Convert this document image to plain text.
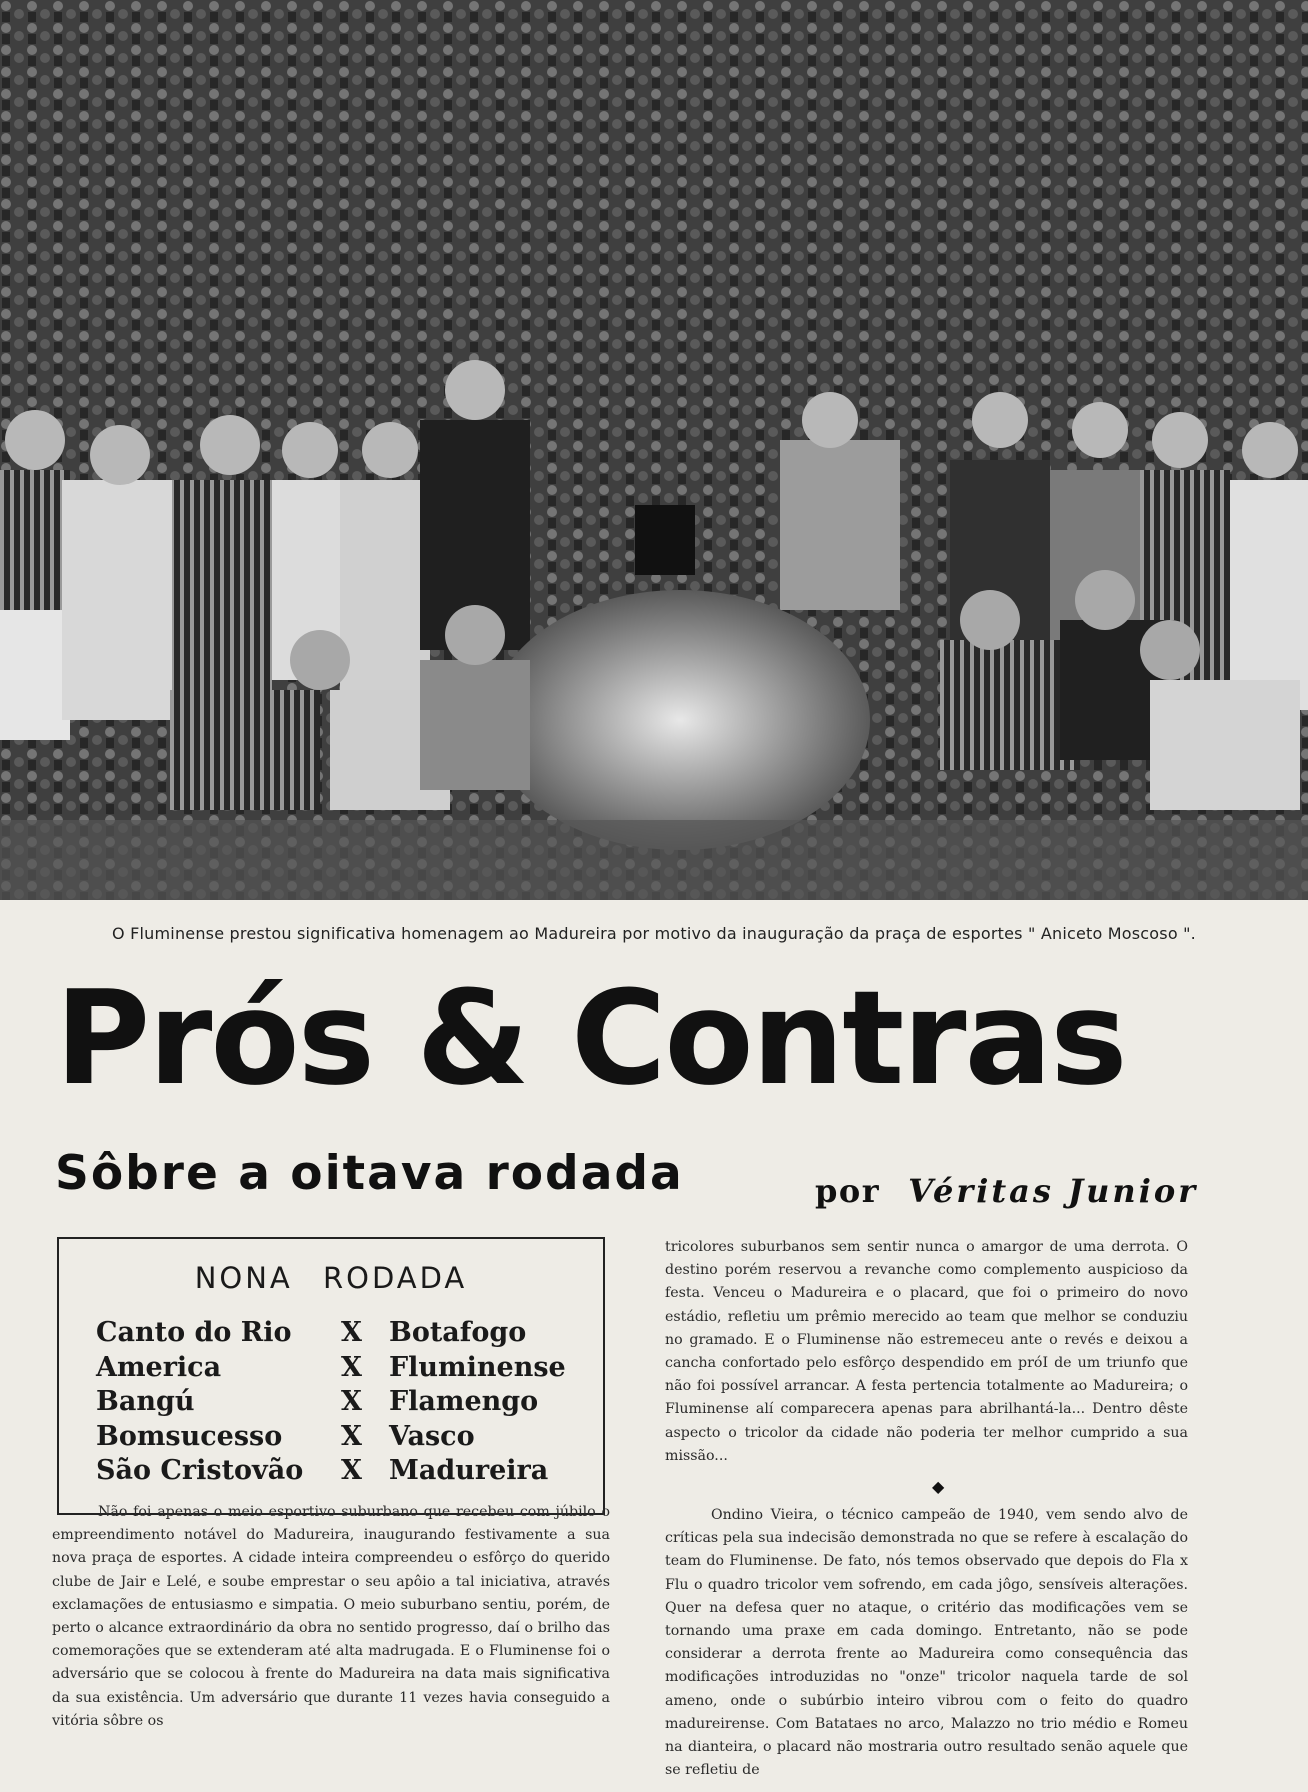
O Fluminense prestou significativa homenagem ao Madureira por motivo da inauguração da praça de esportes " Aniceto Moscoso ".
Prós & Contras
Sôbre a oitava rodada	por Véritas Junior
NONA RODADA
Canto do Rio	X	Botafogo
America	X	Fluminense
Bangú	X	Flamengo
Bomsucesso	X	Vasco
São Cristovão	X	Madureira

Não foi apenas o meio esportivo suburbano que recebeu com júbilo o empreendimento notável do Madureira, inaugurando festivamente a sua nova praça de esportes. A cidade inteira compreendeu o esfôrço do querido clube de Jair e Lelé, e soube emprestar o seu apôio a tal iniciativa, através exclamações de entusiasmo e simpatia. O meio suburbano sentiu, porém, de perto o alcance extraordinário da obra no sentido progresso, daí o brilho das comemorações que se extenderam até alta madrugada. E o Fluminense foi o adversário que se colocou à frente do Madureira na data mais significativa da sua existência. Um adversário que durante 11 vezes havia conseguido a vitória sôbre os

tricolores suburbanos sem sentir nunca o amargor de uma derrota. O destino porém reservou a revanche como complemento auspicioso da festa. Venceu o Madureira e o placard, que foi o primeiro do novo estádio, refletiu um prêmio merecido ao team que melhor se conduziu no gramado. E o Fluminense não estremeceu ante o revés e deixou a cancha confortado pelo esfôrço despendido em próI de um triunfo que não foi possível arrancar. A festa pertencia totalmente ao Madureira; o Fluminense alí comparecera apenas para abrilhantá-la... Dentro dêste aspecto o tricolor da cidade não poderia ter melhor cumprido a sua missão...

◆

Ondino Vieira, o técnico campeão de 1940, vem sendo alvo de críticas pela sua indecisão demonstrada no que se refere à escalação do team do Fluminense. De fato, nós temos observado que depois do Fla x Flu o quadro tricolor vem sofrendo, em cada jôgo, sensíveis alterações. Quer na defesa quer no ataque, o critério das modificações vem se tornando uma praxe em cada domingo. Entretanto, não se pode considerar a derrota frente ao Madureira como consequência das modificações introduzidas no "onze" tricolor naquela tarde de sol ameno, onde o subúrbio inteiro vibrou com o feito do quadro madureirense. Com Batataes no arco, Malazzo no trio médio e Romeu na dianteira, o placard não mostraria outro resultado senão aquele que se refletiu de
